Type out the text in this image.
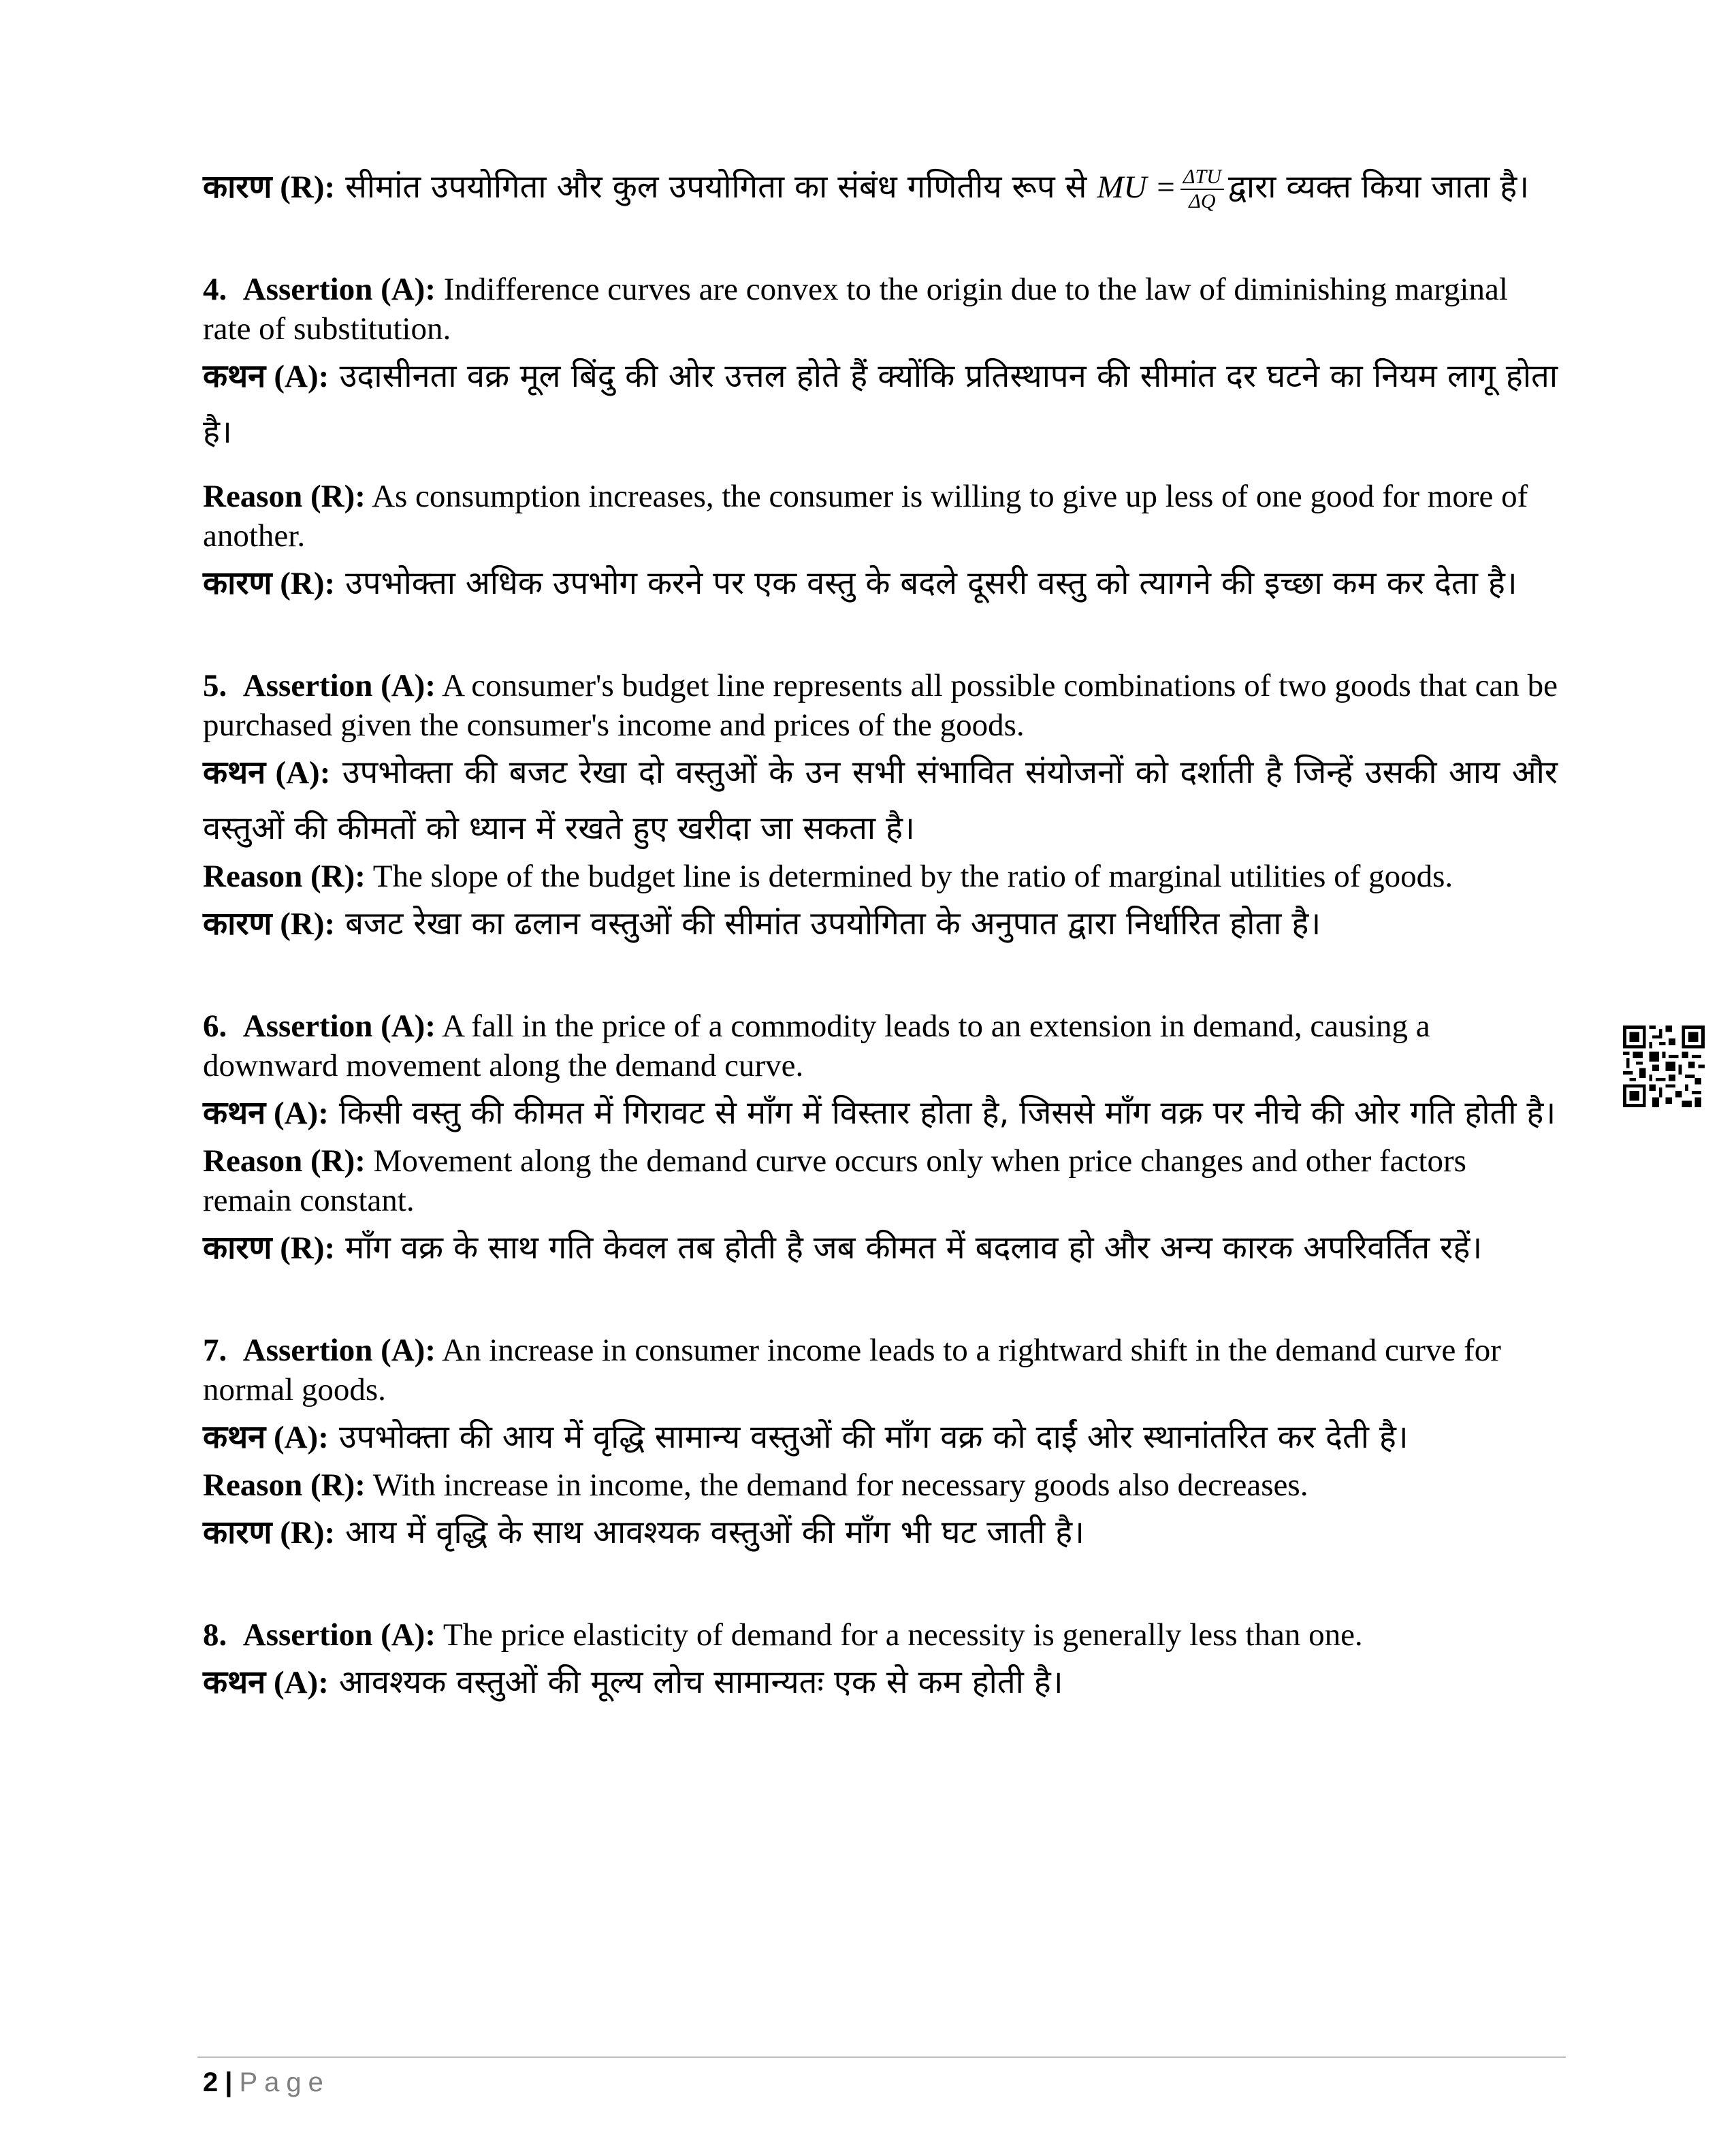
कारण (R): सीमांत उपयोगिता और कुल उपयोगिता का संबंध गणितीय रूप से MU = $\frac{\text{ΔTU}}{\Delta Q}$ द्वारा व्यक्त किया जाता है।
4. Assertion (A): Indifference curves are convex to the origin due to the law of diminishing marginal rate of substitution.
कथन (A): उदासीनता वक्र मूल बिंदु की ओर उत्तल होते हैं क्योंकि प्रतिस्थापन की सीमांत दर घटने का नियम लागू होता है।
Reason (R): As consumption increases, the consumer is willing to give up less of one good for more of another.
कारण (R): उपभोक्ता अधिक उपभोग करने पर एक वस्तु के बदले दूसरी वस्तु को त्यागने की इच्छा कम कर देता है।
5. Assertion (A): A consumer's budget line represents all possible combinations of two goods that can be purchased given the consumer's income and prices of the goods.
कथन (A): उपभोक्ता की बजट रेखा दो वस्तुओं के उन सभी संभावित संयोजनों को दर्शाती है जिन्हें उसकी आय और वस्तुओं की कीमतों को ध्यान में रखते हुए खरीदा जा सकता है।
Reason (R): The slope of the budget line is determined by the ratio of marginal utilities of goods.
कारण (R): बजट रेखा का ढलान वस्तुओं की सीमांत उपयोगिता के अनुपात द्वारा निर्धारित होता है।
6. Assertion (A): A fall in the price of a commodity leads to an extension in demand, causing a downward movement along the demand curve.
कथन (A): किसी वस्तु की कीमत में गिरावट से माँग में विस्तार होता है, जिससे माँग वक्र पर नीचे की ओर गति होती है।
Reason (R): Movement along the demand curve occurs only when price changes and other factors remain constant.
कारण (R): माँग वक्र के साथ गति केवल तब होती है जब कीमत में बदलाव हो और अन्य कारक अपरिवर्तित रहें।
7. Assertion (A): An increase in consumer income leads to a rightward shift in the demand curve for normal goods.
कथन (A): उपभोक्ता की आय में वृद्धि सामान्य वस्तुओं की माँग वक्र को दाईं ओर स्थानांतरित कर देती है।
Reason (R): With increase in income, the demand for necessary goods also decreases.
कारण (R): आय में वृद्धि के साथ आवश्यक वस्तुओं की माँग भी घट जाती है।
8. Assertion (A): The price elasticity of demand for a necessity is generally less than one.
कथन (A): आवश्यक वस्तुओं की मूल्य लोच सामान्यतः एक से कम होती है।
2 | Page
